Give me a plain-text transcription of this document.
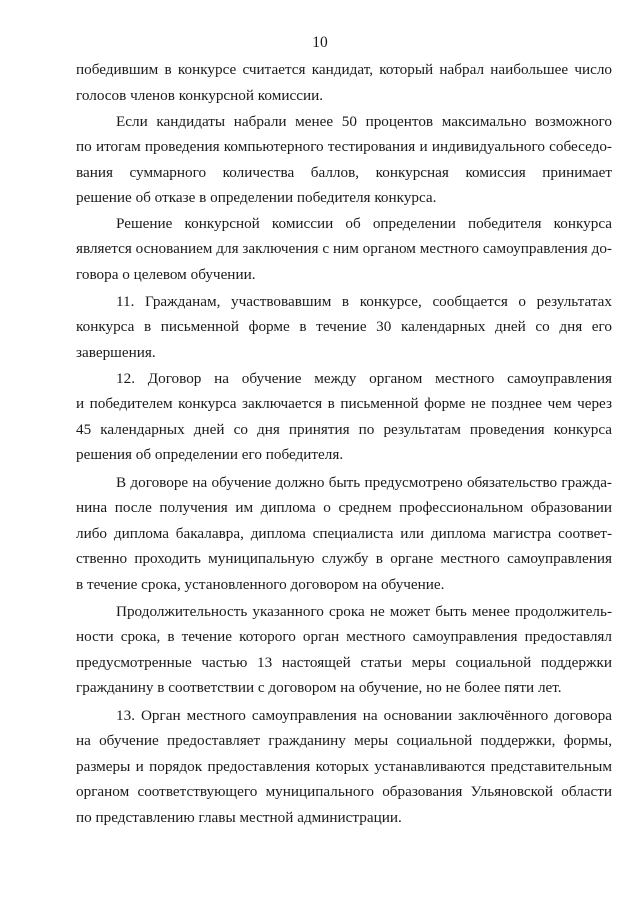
10
победившим в конкурсе считается кандидат, который набрал наибольшее число
голосов членов конкурсной комиссии.
Если кандидаты набрали менее 50 процентов максимально возможного
по итогам проведения компьютерного тестирования и индивидуального собеседо-
вания суммарного количества баллов, конкурсная комиссия принимает
решение об отказе в определении победителя конкурса.
Решение конкурсной комиссии об определении победителя конкурса
является основанием для заключения с ним органом местного самоуправления до-
говора о целевом обучении.
11. Гражданам, участвовавшим в конкурсе, сообщается о результатах
конкурса в письменной форме в течение 30 календарных дней со дня его
завершения.
12. Договор на обучение между органом местного самоуправления
и победителем конкурса заключается в письменной форме не позднее чем через
45 календарных дней со дня принятия по результатам проведения конкурса
решения об определении его победителя.
В договоре на обучение должно быть предусмотрено обязательство гражда-
нина после получения им диплома о среднем профессиональном образовании
либо диплома бакалавра, диплома специалиста или диплома магистра соответ-
ственно проходить муниципальную службу в органе местного самоуправления
в течение срока, установленного договором на обучение.
Продолжительность указанного срока не может быть менее продолжитель-
ности срока, в течение которого орган местного самоуправления предоставлял
предусмотренные частью 13 настоящей статьи меры социальной поддержки
гражданину в соответствии с договором на обучение, но не более пяти лет.
13. Орган местного самоуправления на основании заключённого договора
на обучение предоставляет гражданину меры социальной поддержки, формы,
размеры и порядок предоставления которых устанавливаются представительным
органом соответствующего муниципального образования Ульяновской области
по представлению главы местной администрации.
